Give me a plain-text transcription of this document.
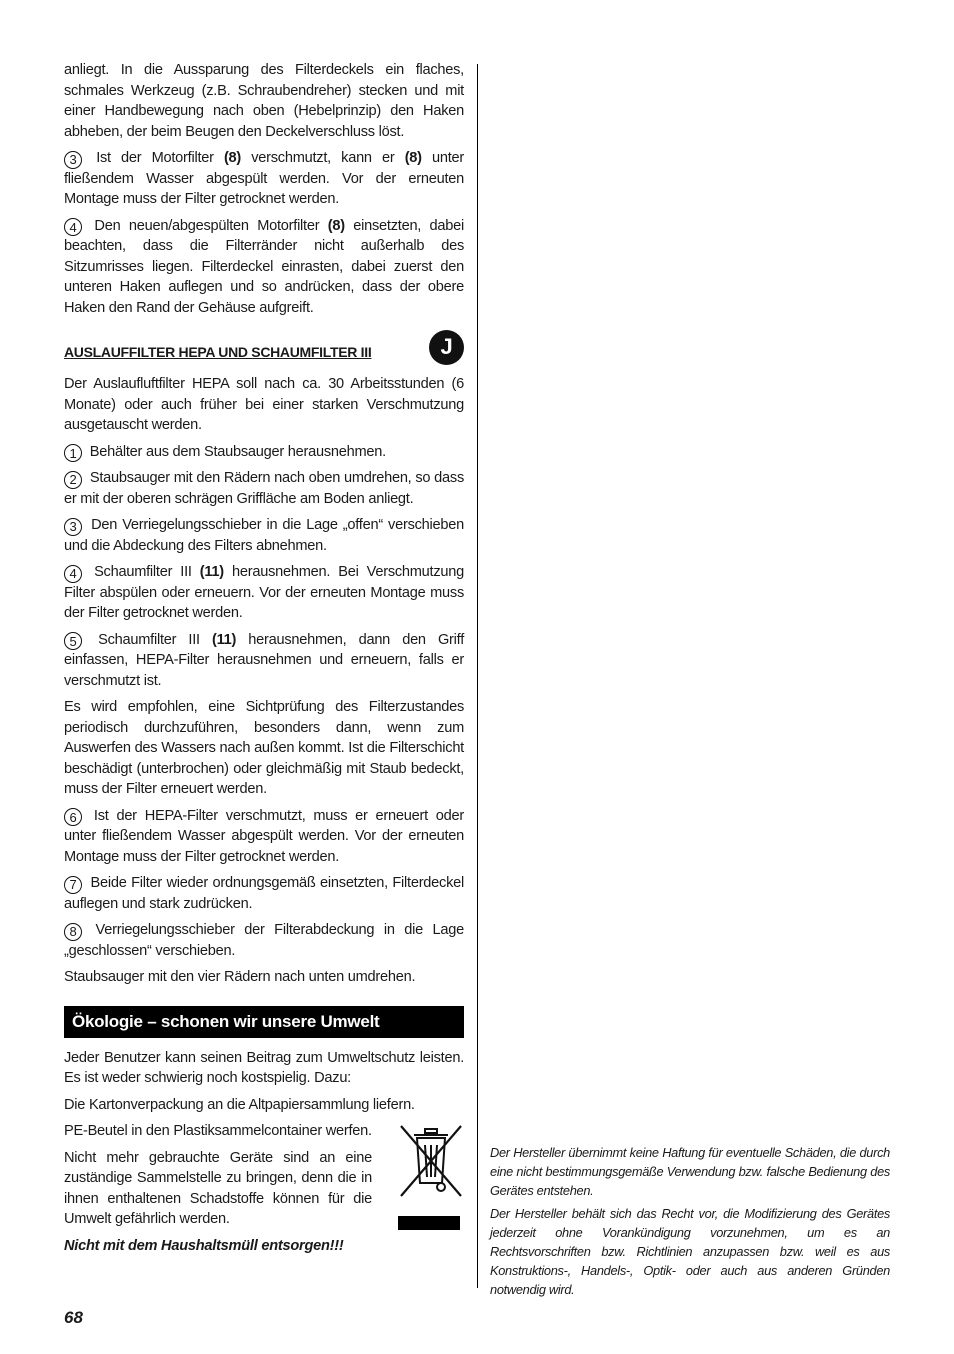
anliegt. In die Aussparung des Filterdeckels ein flaches, schmales Werkzeug (z.B. Schraubendreher) stecken und mit einer Handbewegung nach oben (Hebelprinzip) den Haken abheben, der beim Beugen den Deckelverschluss löst.

3 Ist der Motorfilter (8) verschmutzt, kann er (8) unter fließendem Wasser abgespült werden. Vor der erneuten Montage muss der Filter getrocknet werden.

4 Den neuen/abgespülten Motorfilter (8) einsetzten, dabei beachten, dass die Filterränder nicht außerhalb des Sitzumrisses liegen. Filterdeckel einrasten, dabei zuerst den unteren Haken auflegen und so andrücken, dass der obere Haken den Rand der Gehäuse aufgreift.

AUSLAUFFILTER HEPA UND SCHAUMFILTER III	J

Der Auslaufluftfilter HEPA soll nach ca. 30 Arbeitsstunden (6 Monate) oder auch früher bei einer starken Verschmutzung ausgetauscht werden.

1 Behälter aus dem Staubsauger herausnehmen.

2 Staubsauger mit den Rädern nach oben umdrehen, so dass er mit der oberen schrägen Griffläche am Boden anliegt.

3 Den Verriegelungsschieber in die Lage „offen“ verschieben und die Abdeckung des Filters abnehmen.

4 Schaumfilter III (11) herausnehmen. Bei Verschmutzung Filter abspülen oder erneuern. Vor der erneuten Montage muss der Filter getrocknet werden.

5 Schaumfilter III (11) herausnehmen, dann den Griff einfassen, HEPA-Filter herausnehmen und erneuern, falls er verschmutzt ist.

Es wird empfohlen, eine Sichtprüfung des Filterzustandes periodisch durchzuführen, besonders dann, wenn zum Auswerfen des Wassers nach außen kommt. Ist die Filterschicht beschädigt (unterbrochen) oder gleichmäßig mit Staub bedeckt, muss der Filter erneuert werden.

6 Ist der HEPA-Filter verschmutzt, muss er erneuert oder unter fließendem Wasser abgespült werden. Vor der erneuten Montage muss der Filter getrocknet werden.

7 Beide Filter wieder ordnungsgemäß einsetzten, Filterdeckel auflegen und stark zudrücken.

8 Verriegelungsschieber der Filterabdeckung in die Lage „geschlossen“ verschieben.

Staubsauger mit den vier Rädern nach unten umdrehen.

Ökologie – schonen wir unsere Umwelt

Jeder Benutzer kann seinen Beitrag zum Umweltschutz leisten. Es ist weder schwierig noch kostspielig. Dazu:

Die Kartonverpackung an die Altpapiersammlung liefern.

PE-Beutel in den Plastiksammelcontainer werfen.

Nicht mehr gebrauchte Geräte sind an eine zuständige Sammelstelle zu bringen, denn die in ihnen enthaltenen Schadstoffe können für die Umwelt gefährlich werden.

Nicht mit dem Haushaltsmüll entsorgen!!!

Der Hersteller übernimmt keine Haftung für eventuelle Schäden, die durch eine nicht bestimmungsgemäße Verwendung bzw. falsche Bedienung des Gerätes entstehen.

Der Hersteller behält sich das Recht vor, die Modifizierung des Gerätes jederzeit ohne Vorankündigung vorzunehmen, um es an Rechtsvorschriften bzw. Richtlinien anzupassen bzw. weil es aus Konstruktions-, Handels-, Optik- oder auch aus anderen Gründen notwendig wird.

68
